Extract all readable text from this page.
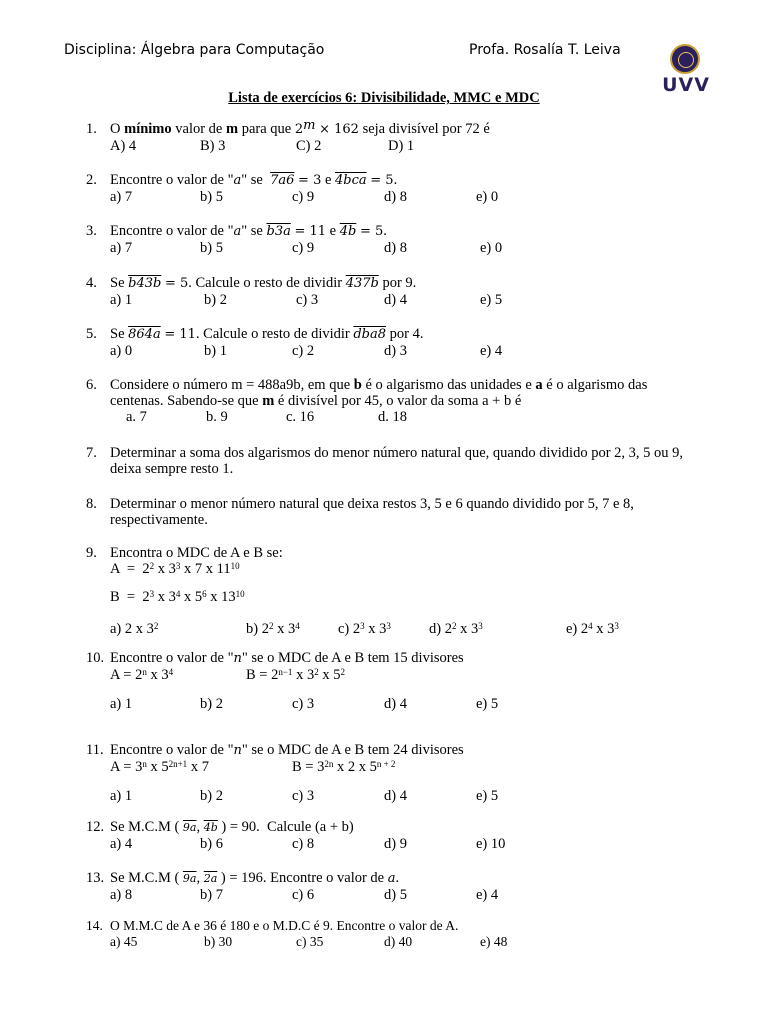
Disciplina: Álgebra para Computação	Profa. Rosalía T. Leiva
UVV
Lista de exercícios 6: Divisibilidade, MMC e MDC
1. O mínimo valor de m para que $2^m \times 162$ seja divisível por 72 é
A) 4	B) 3	C) 2	D) 1
2. Encontre o valor de "a" se  7a6 = 3 e 4bca = 5.
a) 7	b) 5	c) 9	d) 8	e) 0
3. Encontre o valor de "a" se b3a = 11 e 4b = 5.
a) 7	b) 5	c) 9	d) 8	e) 0
4. Se b43b = 5. Calcule o resto de dividir 437b por 9.
a) 1	b) 2	c) 3	d) 4	e) 5
5. Se 864a = 11. Calcule o resto de dividir dba8 por 4.
a) 0	b) 1	c) 2	d) 3	e) 4
6. Considere o número m = 488a9b, em que b é o algarismo das unidades e a é o algarismo das
centenas. Sabendo-se que m é divisível por 45, o valor da soma a + b é
a. 7	b. 9	c. 16	d. 18
7. Determinar a soma dos algarismos do menor número natural que, quando dividido por 2, 3, 5 ou 9, deixa sempre resto 1.
8. Determinar o menor número natural que deixa restos 3, 5 e 6 quando dividido por 5, 7 e 8, respectivamente.
9. Encontra o MDC de A e B se:
$A = 2^2$ x $3^3$ x 7 x $11^{10}$
$B = 2^3$ x $3^4$ x $5^6$ x $13^{10}$
a) 2 x $3^2$	b) $2^2$ x $3^4$	c) $2^3$ x $3^3$	d) $2^2$ x $3^3$	e) $2^4$ x $3^3$
10. Encontre o valor de "n" se o MDC de A e B tem 15 divisores
$A = 2^n$ x $3^4$	$B = 2^{n-1}$ x $3^2$ x $5^2$
a) 1	b) 2	c) 3	d) 4	e) 5
11. Encontre o valor de "n" se o MDC de A e B tem 24 divisores
$A = 3^n$ x $5^{2n+1}$ x 7	$B = 3^{2n}$ x 2 x $5^{n + 2}$
a) 1	b) 2	c) 3	d) 4	e) 5
12. Se M.C.M ( 9a, 4b ) = 90.  Calcule (a + b)
a) 4	b) 6	c) 8	d) 9	e) 10
13. Se M.C.M ( 9a, 2a ) = 196. Encontre o valor de a.
a) 8	b) 7	c) 6	d) 5	e) 4
14. O M.M.C de A e 36 é 180 e o M.D.C é 9. Encontre o valor de A.
a) 45	b) 30	c) 35	d) 40	e) 48
